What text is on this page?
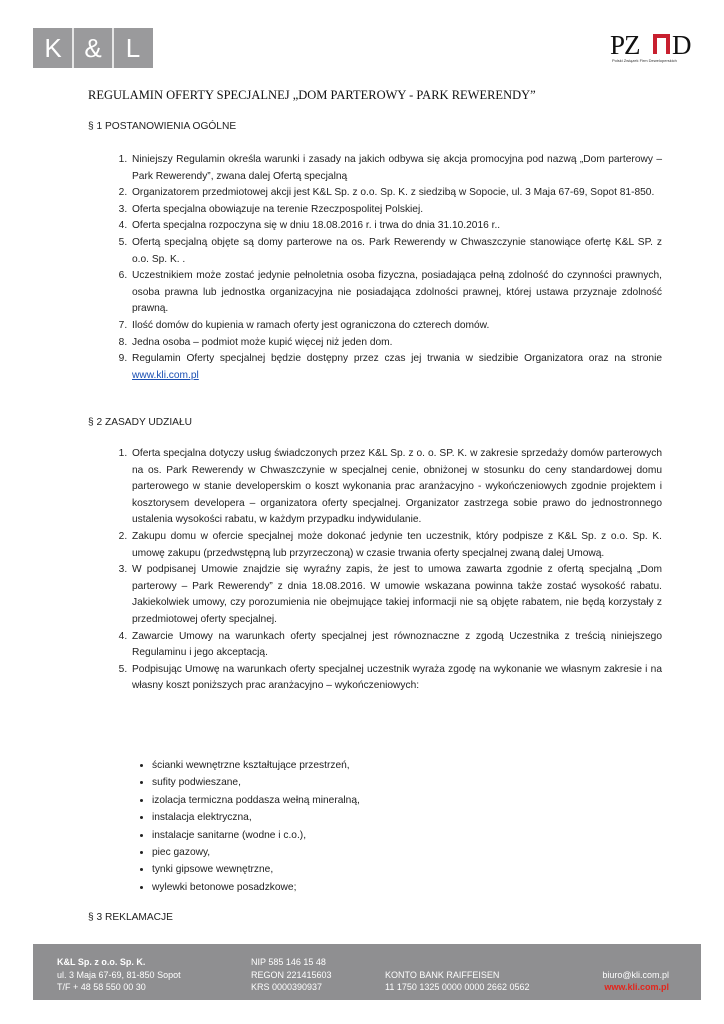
K & L	PZ D
Polski Związek Firm Deweloperskich
REGULAMIN OFERTY SPECJALNEJ „DOM PARTEROWY - PARK REWERENDY”
§ 1 POSTANOWIENIA OGÓLNE
1. Niniejszy Regulamin określa warunki i zasady na jakich odbywa się akcja promocyjna pod nazwą „Dom parterowy – Park Rewerendy”, zwana dalej Ofertą specjalną
2. Organizatorem przedmiotowej akcji jest K&L Sp. z o.o. Sp. K. z siedzibą w Sopocie, ul. 3 Maja 67-69, Sopot 81-850.
3. Oferta specjalna obowiązuje na terenie Rzeczpospolitej Polskiej.
4. Oferta specjalna rozpoczyna się w dniu 18.08.2016 r. i trwa do dnia 31.10.2016 r..
5. Ofertą specjalną objęte są domy parterowe na os. Park Rewerendy w Chwaszczynie stanowiące ofertę K&L SP. z o.o. Sp. K. .
6. Uczestnikiem może zostać jedynie pełnoletnia osoba fizyczna, posiadająca pełną zdolność do czynności prawnych, osoba prawna lub jednostka organizacyjna nie posiadająca zdolności prawnej, której ustawa przyznaje zdolność prawną.
7. Ilość domów do kupienia w ramach oferty jest ograniczona do czterech domów.
8. Jedna osoba – podmiot może kupić więcej niż jeden dom.
9. Regulamin Oferty specjalnej będzie dostępny przez czas jej trwania w siedzibie Organizatora oraz na stronie www.kli.com.pl
§ 2 ZASADY UDZIAŁU
1. Oferta specjalna dotyczy usług świadczonych przez K&L Sp. z o. o. SP. K. w zakresie sprzedaży domów parterowych na os. Park Rewerendy w Chwaszczynie w specjalnej cenie, obniżonej w stosunku do ceny standardowej domu parterowego w stanie developerskim o koszt wykonania prac aranżacyjno - wykończeniowych zgodnie projektem i kosztorysem developera – organizatora oferty specjalnej. Organizator zastrzega sobie prawo do jednostronnego ustalenia wysokości rabatu, w każdym przypadku indywidulanie.
2. Zakupu domu w ofercie specjalnej może dokonać jedynie ten uczestnik, który podpisze z K&L Sp. z o.o. Sp. K. umowę zakupu (przedwstępną lub przyrzeczoną) w czasie trwania oferty specjalnej zwaną dalej Umową.
3. W podpisanej Umowie znajdzie się wyraźny zapis, że jest to umowa zawarta zgodnie z ofertą specjalną „Dom parterowy – Park Rewerendy” z dnia 18.08.2016. W umowie wskazana powinna także zostać wysokość rabatu. Jakiekolwiek umowy, czy porozumienia nie obejmujące takiej informacji nie są objęte rabatem, nie będą korzystały z przedmiotowej oferty specjalnej.
4. Zawarcie Umowy na warunkach oferty specjalnej jest równoznaczne z zgodą Uczestnika z treścią niniejszego Regulaminu i jego akceptacją.
5. Podpisując Umowę na warunkach oferty specjalnej uczestnik wyraża zgodę na wykonanie we własnym zakresie i na własny koszt poniższych prac aranżacyjno – wykończeniowych:
• ścianki wewnętrzne kształtujące przestrzeń,
• sufity podwieszane,
• izolacja termiczna poddasza wełną mineralną,
• instalacja elektryczna,
• instalacje sanitarne (wodne i c.o.),
• piec gazowy,
• tynki gipsowe wewnętrzne,
• wylewki betonowe posadzkowe;
§ 3 REKLAMACJE
K&L Sp. z o.o. Sp. K.
ul. 3 Maja 67-69, 81-850 Sopot
T/F + 48 58 550 00 30
NIP 585 146 15 48
REGON 221415603
KRS 0000390937
KONTO BANK RAIFFEISEN
11 1750 1325 0000 0000 2662 0562
biuro@kli.com.pl
www.kli.com.pl
